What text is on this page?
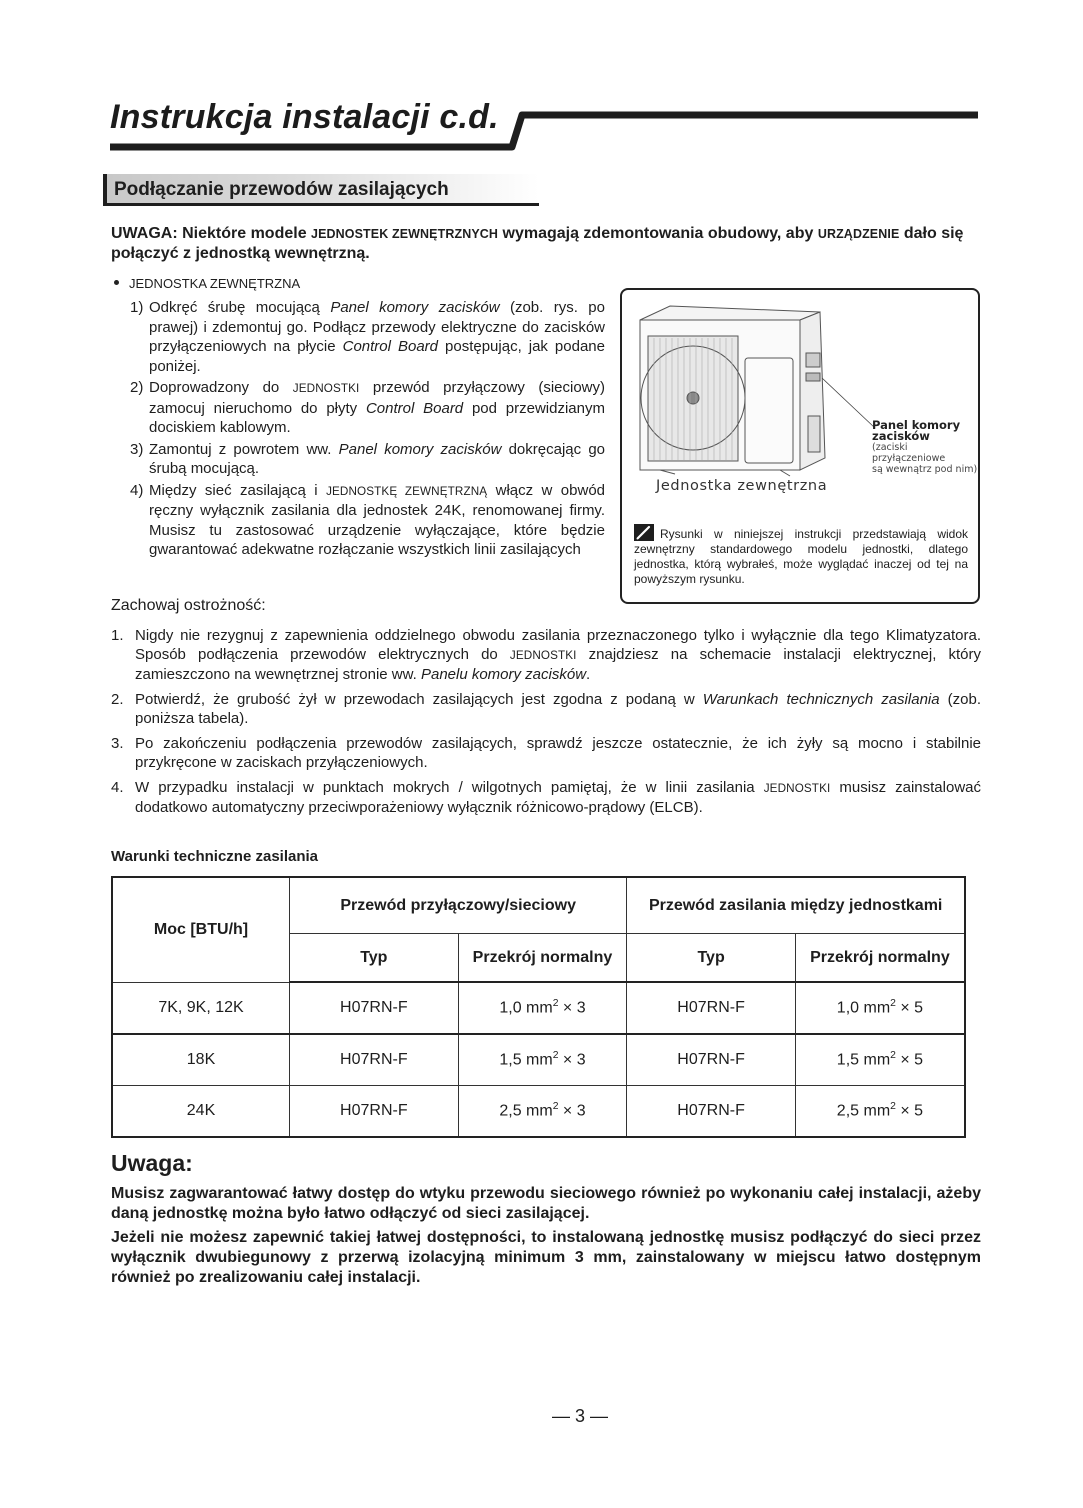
Instrukcja instalacji c.d.
Podłączanie przewodów zasilających

UWAGA: Niektóre modele JEDNOSTEK ZEWNĘTRZNYCH wymagają zdemontowania obudowy, aby URZĄDZENIE dało się połączyć z jednostką wewnętrzną.

JEDNOSTKA ZEWNĘTRZNA
1) Odkręć śrubę mocującą Panel komory zacisków (zob. rys. po prawej) i zdemontuj go. Podłącz przewody elektryczne do zacisków przyłączeniowych na płycie Control Board postępując, jak podane poniżej.
2) Doprowadzony do JEDNOSTKI przewód przyłączowy (sieciowy) zamocuj nieruchomo do płyty Control Board pod przewidzianym dociskiem kablowym.
3) Zamontuj z powrotem ww. Panel komory zacisków dokręcając go śrubą mocującą.
4) Między sieć zasilającą i JEDNOSTKĘ ZEWNĘTRZNĄ włącz w obwód ręczny wyłącznik zasilania dla jednostek 24K, renomowanej firmy. Musisz tu zastosować urządzenie wyłączające, które będzie gwarantować adekwatne rozłączanie wszystkich linii zasilających
Panel komory zacisków
(zaciski przyłączeniowe
są wewnątrz pod nim)
Jednostka zewnętrzna
Rysunki w niniejszej instrukcji przedstawiają widok zewnętrzny standardowego modelu jednostki, dlatego jednostka, którą wybrałeś, może wyglądać inaczej od tej na powyższym rysunku.
Zachowaj ostrożność:
1. Nigdy nie rezygnuj z zapewnienia oddzielnego obwodu zasilania przeznaczonego tylko i wyłącznie dla tego Klimatyzatora. Sposób podłączenia przewodów elektrycznych do JEDNOSTKI znajdziesz na schemacie instalacji elektrycznej, który zamieszczono na wewnętrznej stronie ww. Panelu komory zacisków.
2. Potwierdź, że grubość żył w przewodach zasilających jest zgodna z podaną w Warunkach technicznych zasilania (zob. poniższa tabela).
3. Po zakończeniu podłączenia przewodów zasilających, sprawdź jeszcze ostatecznie, że ich żyły są mocno i stabilnie przykręcone w zaciskach przyłączeniowych.
4. W przypadku instalacji w punktach mokrych / wilgotnych pamiętaj, że w linii zasilania JEDNOSTKI musisz zainstalować dodatkowo automatyczny przeciwporażeniowy wyłącznik różnicowo-prądowy (ELCB).
Warunki techniczne zasilania
Moc [BTU/h]	Przewód przyłączowy/sieciowy		Przewód zasilania między jednostkami	
	Typ	Przekrój normalny	Typ	Przekrój normalny
7K, 9K, 12K	H07RN-F	1,0 $mm^2 \times 3$	H07RN-F	1,0 $mm^2 \times 5$
18K	H07RN-F	1,5 $mm^2 \times 3$	H07RN-F	1,5 $mm^2 \times 5$
24K	H07RN-F	2,5 $mm^2 \times 3$	H07RN-F	2,5 $mm^2 \times 5$
Uwaga:

Musisz zagwarantować łatwy dostęp do wtyku przewodu sieciowego również po wykonaniu całej instalacji, ażeby daną jednostkę można było łatwo odłączyć od sieci zasilającej.

Jeżeli nie możesz zapewnić takiej łatwej dostępności, to instalowaną jednostkę musisz podłączyć do sieci przez wyłącznik dwubiegunowy z przerwą izolacyjną minimum 3 mm, zainstalowany w miejscu łatwo dostępnym również po zrealizowaniu całej instalacji.

— 3 —
